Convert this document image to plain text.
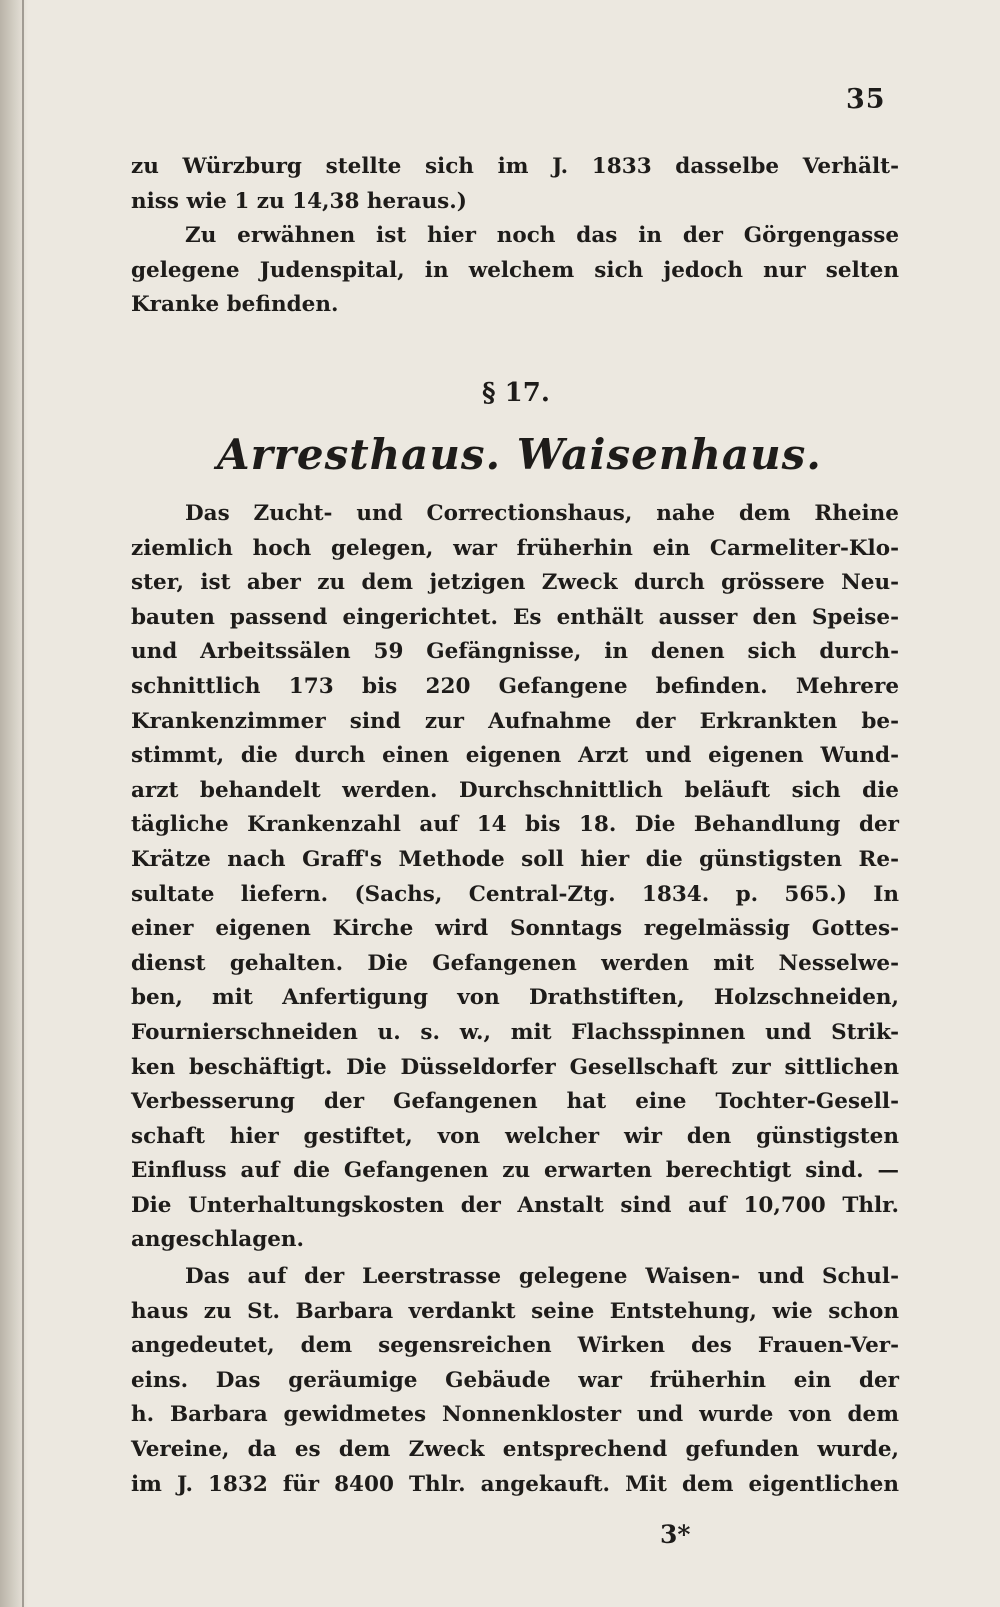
35
zu Würzburg stellte sich im J. 1833 dasselbe Verhält-
niss wie 1 zu 14,38 heraus.)
Zu erwähnen ist hier noch das in der Görgengasse
gelegene Judenspital, in welchem sich jedoch nur selten
Kranke befinden.
§ 17.
Arresthaus. Waisenhaus.
Das Zucht- und Correctionshaus, nahe dem Rheine
ziemlich hoch gelegen, war früherhin ein Carmeliter-Klo-
ster, ist aber zu dem jetzigen Zweck durch grössere Neu-
bauten passend eingerichtet. Es enthält ausser den Speise-
und Arbeitssälen 59 Gefängnisse, in denen sich durch-
schnittlich 173 bis 220 Gefangene befinden. Mehrere
Krankenzimmer sind zur Aufnahme der Erkrankten be-
stimmt, die durch einen eigenen Arzt und eigenen Wund-
arzt behandelt werden. Durchschnittlich beläuft sich die
tägliche Krankenzahl auf 14 bis 18. Die Behandlung der
Krätze nach Graff's Methode soll hier die günstigsten Re-
sultate liefern. (Sachs, Central-Ztg. 1834. p. 565.) In
einer eigenen Kirche wird Sonntags regelmässig Gottes-
dienst gehalten. Die Gefangenen werden mit Nesselwe-
ben, mit Anfertigung von Drathstiften, Holzschneiden,
Fournierschneiden u. s. w., mit Flachsspinnen und Strik-
ken beschäftigt. Die Düsseldorfer Gesellschaft zur sittlichen
Verbesserung der Gefangenen hat eine Tochter-Gesell-
schaft hier gestiftet, von welcher wir den günstigsten
Einfluss auf die Gefangenen zu erwarten berechtigt sind. —
Die Unterhaltungskosten der Anstalt sind auf 10,700 Thlr.
angeschlagen.
Das auf der Leerstrasse gelegene Waisen- und Schul-
haus zu St. Barbara verdankt seine Entstehung, wie schon
angedeutet, dem segensreichen Wirken des Frauen-Ver-
eins. Das geräumige Gebäude war früherhin ein der
h. Barbara gewidmetes Nonnenkloster und wurde von dem
Vereine, da es dem Zweck entsprechend gefunden wurde,
im J. 1832 für 8400 Thlr. angekauft. Mit dem eigentlichen
3*
